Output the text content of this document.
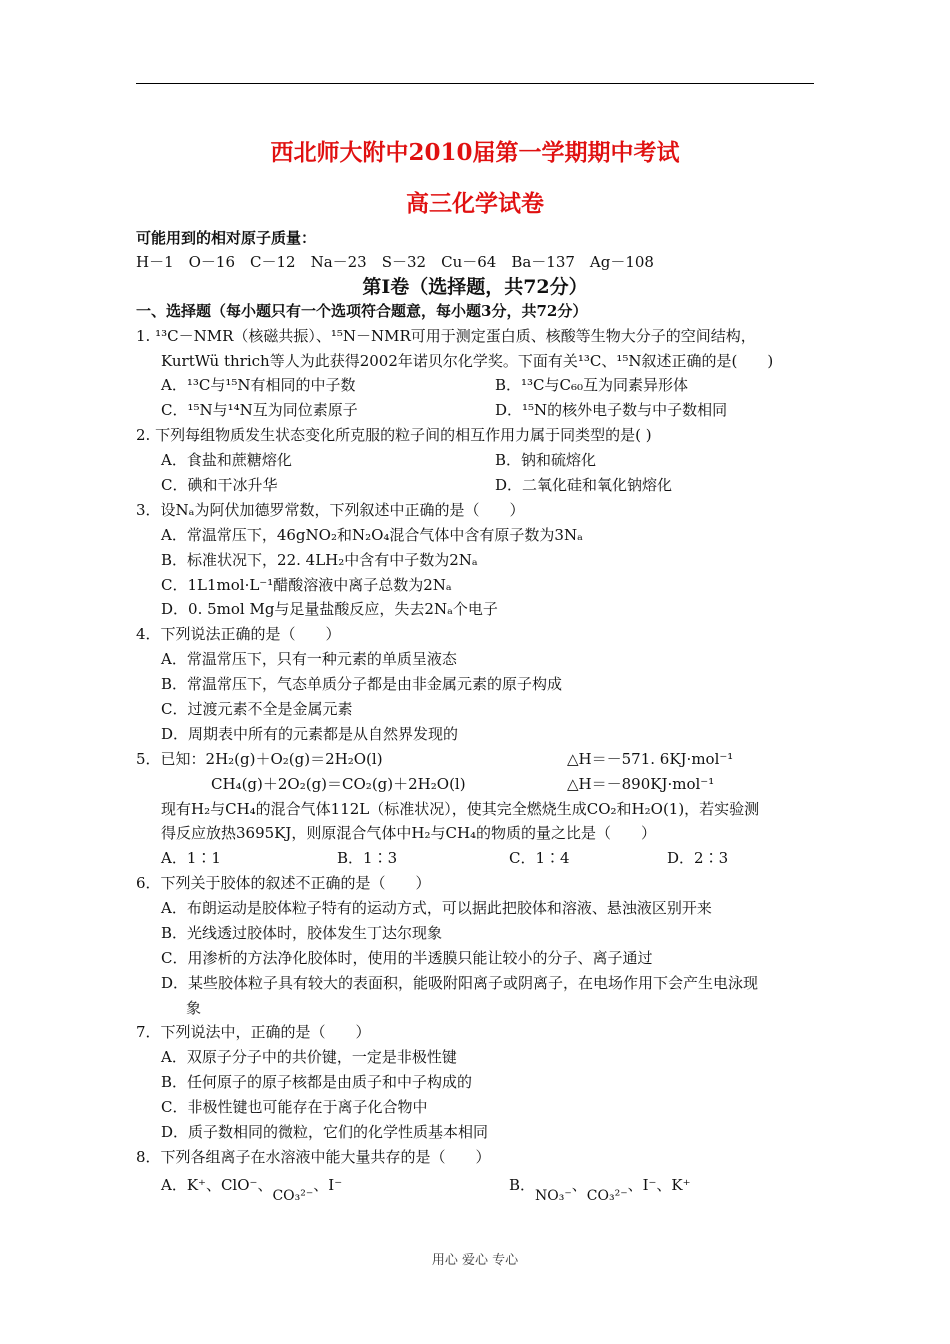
西北师大附中2010届第一学期期中考试
高三化学试卷
可能用到的相对原子质量：
H－1　O－16　C－12　Na－23　S－32　Cu－64　Ba－137　Ag－108
第Ⅰ卷（选择题，共72分）
一、选择题（每小题只有一个选项符合题意，每小题3分，共72分）
1. ¹³C－NMR（核磁共振）、¹⁵N－NMR可用于测定蛋白质、核酸等生物大分子的空间结构，
KurtWü thrich等人为此获得2002年诺贝尔化学奖。下面有关¹³C、¹⁵N叙述正确的是(　　)
A．¹³C与¹⁵N有相同的中子数	B．¹³C与C₆₀互为同素异形体
C．¹⁵N与¹⁴N互为同位素原子	D．¹⁵N的核外电子数与中子数相同
2. 下列每组物质发生状态变化所克服的粒子间的相互作用力属于同类型的是( )
A．食盐和蔗糖熔化	B．钠和硫熔化
C．碘和干冰升华	D．二氧化硅和氧化钠熔化
3．设Nₐ为阿伏加德罗常数，下列叙述中正确的是（　　）
A．常温常压下，46gNO₂和N₂O₄混合气体中含有原子数为3Nₐ
B．标准状况下，22. 4LH₂中含有中子数为2Nₐ
C．1L1mol·L⁻¹醋酸溶液中离子总数为2Nₐ
D．0. 5mol Mg与足量盐酸反应，失去2Nₐ个电子
4．下列说法正确的是（　　）
A．常温常压下，只有一种元素的单质呈液态
B．常温常压下，气态单质分子都是由非金属元素的原子构成
C．过渡元素不全是金属元素
D．周期表中所有的元素都是从自然界发现的
5．已知：2H₂(g)＋O₂(g)＝2H₂O(l)	△H＝－571. 6KJ·mol⁻¹
CH₄(g)＋2O₂(g)＝CO₂(g)＋2H₂O(l)	△H＝－890KJ·mol⁻¹
现有H₂与CH₄的混合气体112L（标准状况），使其完全燃烧生成CO₂和H₂O(1)，若实验测
得反应放热3695KJ，则原混合气体中H₂与CH₄的物质的量之比是（　　）
A．1∶1	B．1∶3	C．1∶4	D．2∶3
6．下列关于胶体的叙述不正确的是（　　）
A．布朗运动是胶体粒子特有的运动方式，可以据此把胶体和溶液、悬浊液区别开来
B．光线透过胶体时，胶体发生丁达尔现象
C．用渗析的方法净化胶体时，使用的半透膜只能让较小的分子、离子通过
D．某些胶体粒子具有较大的表面积，能吸附阳离子或阴离子，在电场作用下会产生电泳现
象
7．下列说法中，正确的是（　　）
A．双原子分子中的共价键，一定是非极性键
B．任何原子的原子核都是由质子和中子构成的
C．非极性键也可能存在于离子化合物中
D．质子数相同的微粒，它们的化学性质基本相同
8．下列各组离子在水溶液中能大量共存的是（　　）
A．K⁺、ClO⁻、CO₃²⁻、I⁻	B．NO₃⁻、CO₃²⁻、I⁻、K⁺
用心 爱心 专心
